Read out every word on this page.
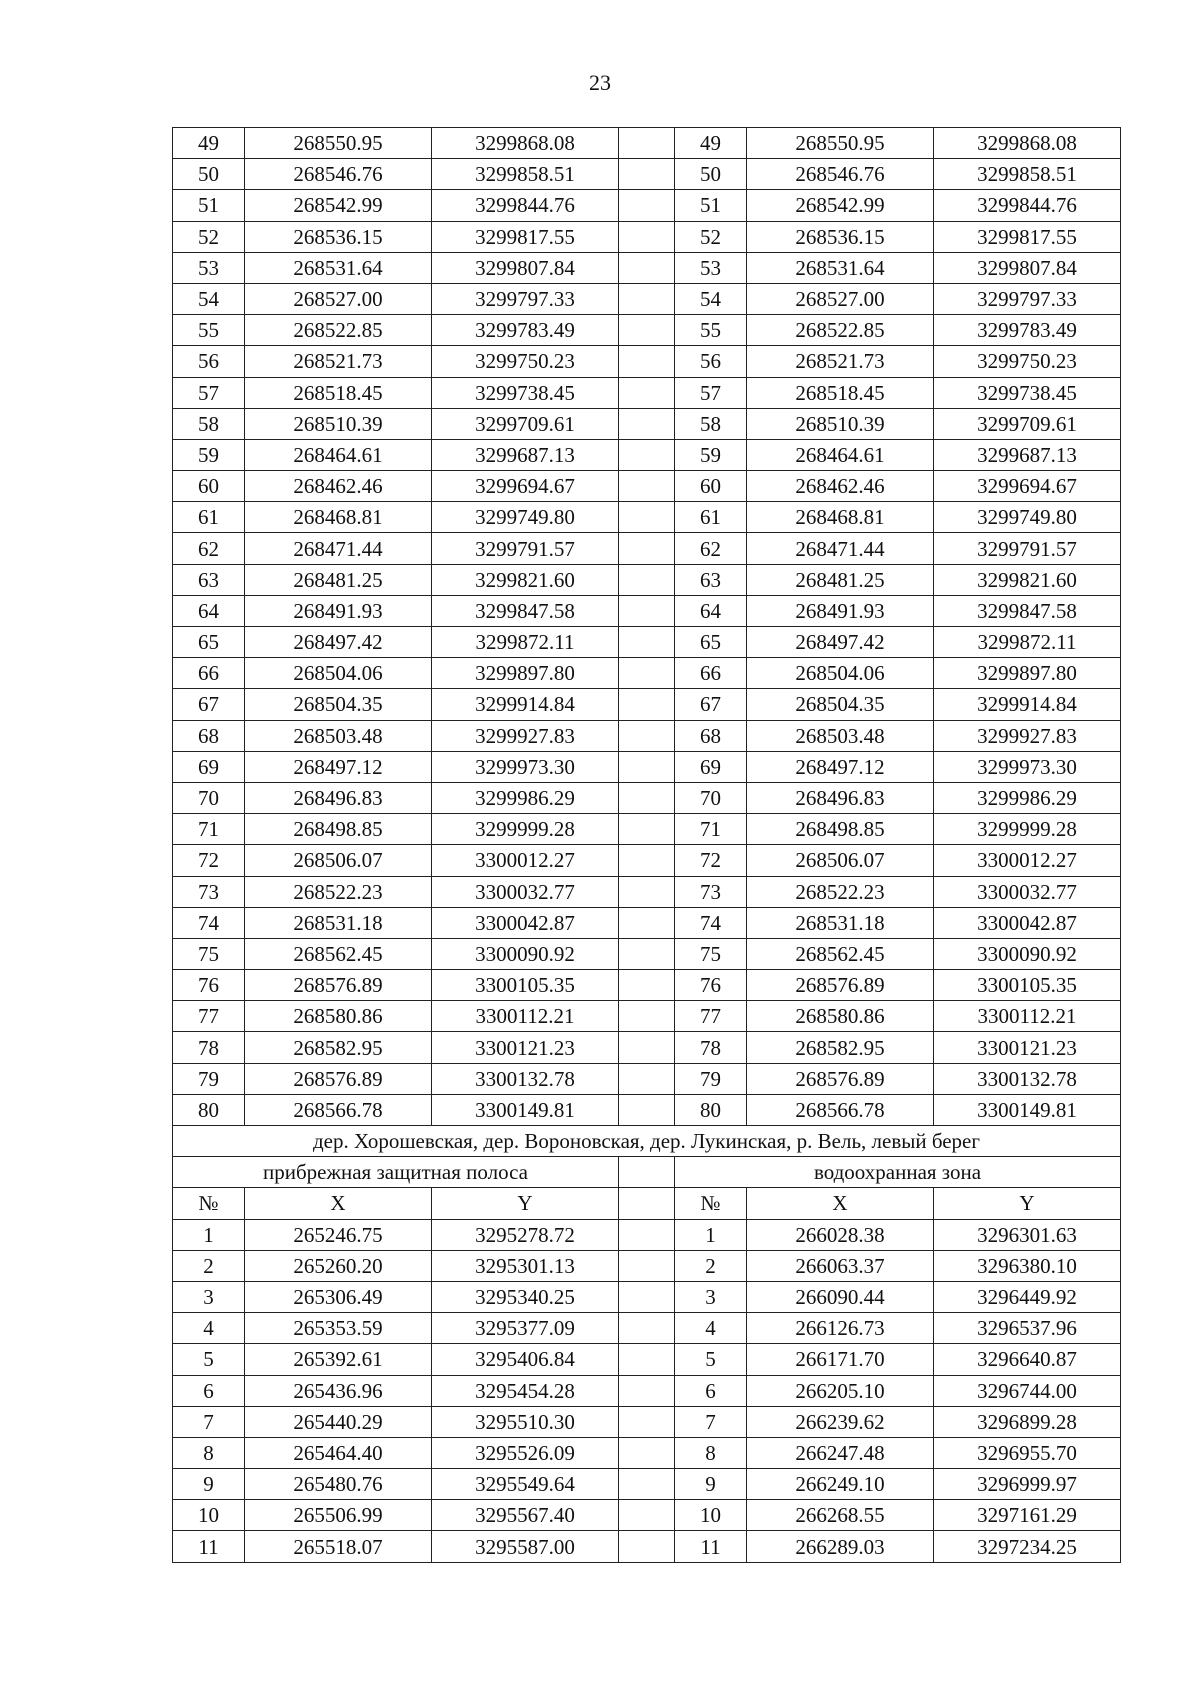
23
49	268550.95	3299868.08		49	268550.95	3299868.08
50	268546.76	3299858.51		50	268546.76	3299858.51
51	268542.99	3299844.76		51	268542.99	3299844.76
52	268536.15	3299817.55		52	268536.15	3299817.55
53	268531.64	3299807.84		53	268531.64	3299807.84
54	268527.00	3299797.33		54	268527.00	3299797.33
55	268522.85	3299783.49		55	268522.85	3299783.49
56	268521.73	3299750.23		56	268521.73	3299750.23
57	268518.45	3299738.45		57	268518.45	3299738.45
58	268510.39	3299709.61		58	268510.39	3299709.61
59	268464.61	3299687.13		59	268464.61	3299687.13
60	268462.46	3299694.67		60	268462.46	3299694.67
61	268468.81	3299749.80		61	268468.81	3299749.80
62	268471.44	3299791.57		62	268471.44	3299791.57
63	268481.25	3299821.60		63	268481.25	3299821.60
64	268491.93	3299847.58		64	268491.93	3299847.58
65	268497.42	3299872.11		65	268497.42	3299872.11
66	268504.06	3299897.80		66	268504.06	3299897.80
67	268504.35	3299914.84		67	268504.35	3299914.84
68	268503.48	3299927.83		68	268503.48	3299927.83
69	268497.12	3299973.30		69	268497.12	3299973.30
70	268496.83	3299986.29		70	268496.83	3299986.29
71	268498.85	3299999.28		71	268498.85	3299999.28
72	268506.07	3300012.27		72	268506.07	3300012.27
73	268522.23	3300032.77		73	268522.23	3300032.77
74	268531.18	3300042.87		74	268531.18	3300042.87
75	268562.45	3300090.92		75	268562.45	3300090.92
76	268576.89	3300105.35		76	268576.89	3300105.35
77	268580.86	3300112.21		77	268580.86	3300112.21
78	268582.95	3300121.23		78	268582.95	3300121.23
79	268576.89	3300132.78		79	268576.89	3300132.78
80	268566.78	3300149.81		80	268566.78	3300149.81
дер. Хорошевская, дер. Вороновская, дер. Лукинская, р. Вель, левый берег						
прибрежная защитная полоса				водоохранная зона		
№	X	Y		№	X	Y
1	265246.75	3295278.72		1	266028.38	3296301.63
2	265260.20	3295301.13		2	266063.37	3296380.10
3	265306.49	3295340.25		3	266090.44	3296449.92
4	265353.59	3295377.09		4	266126.73	3296537.96
5	265392.61	3295406.84		5	266171.70	3296640.87
6	265436.96	3295454.28		6	266205.10	3296744.00
7	265440.29	3295510.30		7	266239.62	3296899.28
8	265464.40	3295526.09		8	266247.48	3296955.70
9	265480.76	3295549.64		9	266249.10	3296999.97
10	265506.99	3295567.40		10	266268.55	3297161.29
11	265518.07	3295587.00		11	266289.03	3297234.25
